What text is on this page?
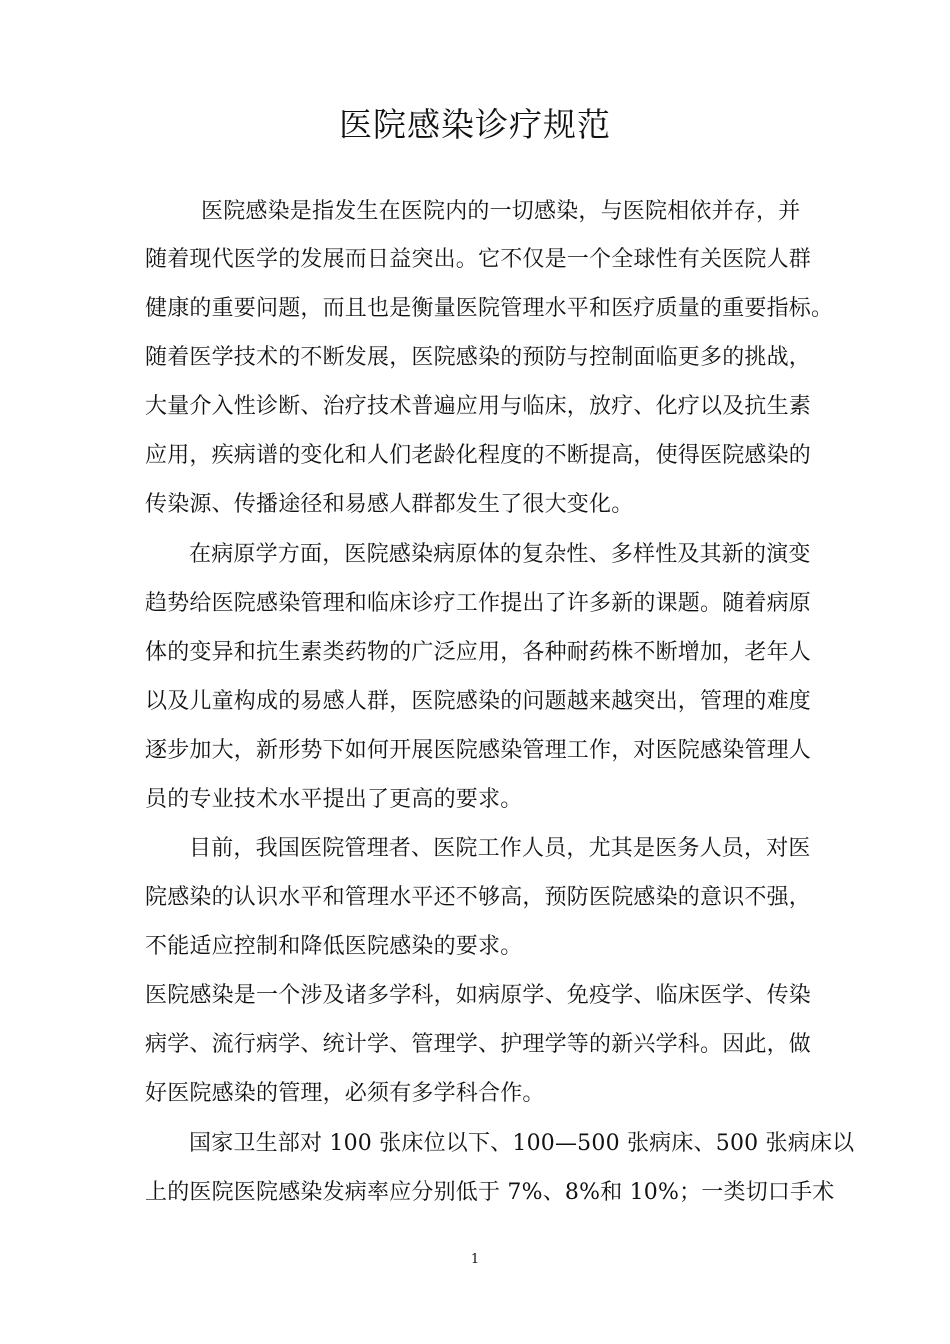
医院感染诊疗规范
医院感染是指发生在医院内的一切感染，与医院相依并存，并
随着现代医学的发展而日益突出。它不仅是一个全球性有关医院人群
健康的重要问题，而且也是衡量医院管理水平和医疗质量的重要指标。
随着医学技术的不断发展，医院感染的预防与控制面临更多的挑战，
大量介入性诊断、治疗技术普遍应用与临床，放疗、化疗以及抗生素
应用，疾病谱的变化和人们老龄化程度的不断提高，使得医院感染的
传染源、传播途径和易感人群都发生了很大变化。
在病原学方面，医院感染病原体的复杂性、多样性及其新的演变
趋势给医院感染管理和临床诊疗工作提出了许多新的课题。随着病原
体的变异和抗生素类药物的广泛应用，各种耐药株不断增加，老年人
以及儿童构成的易感人群，医院感染的问题越来越突出，管理的难度
逐步加大，新形势下如何开展医院感染管理工作，对医院感染管理人
员的专业技术水平提出了更高的要求。
目前，我国医院管理者、医院工作人员，尤其是医务人员，对医
院感染的认识水平和管理水平还不够高，预防医院感染的意识不强，
不能适应控制和降低医院感染的要求。
医院感染是一个涉及诸多学科，如病原学、免疫学、临床医学、传染
病学、流行病学、统计学、管理学、护理学等的新兴学科。因此，做
好医院感染的管理，必须有多学科合作。
国家卫生部对 100 张床位以下、100—500 张病床、500 张病床以
上的医院医院感染发病率应分别低于 7%、8%和 10%；一类切口手术
1
